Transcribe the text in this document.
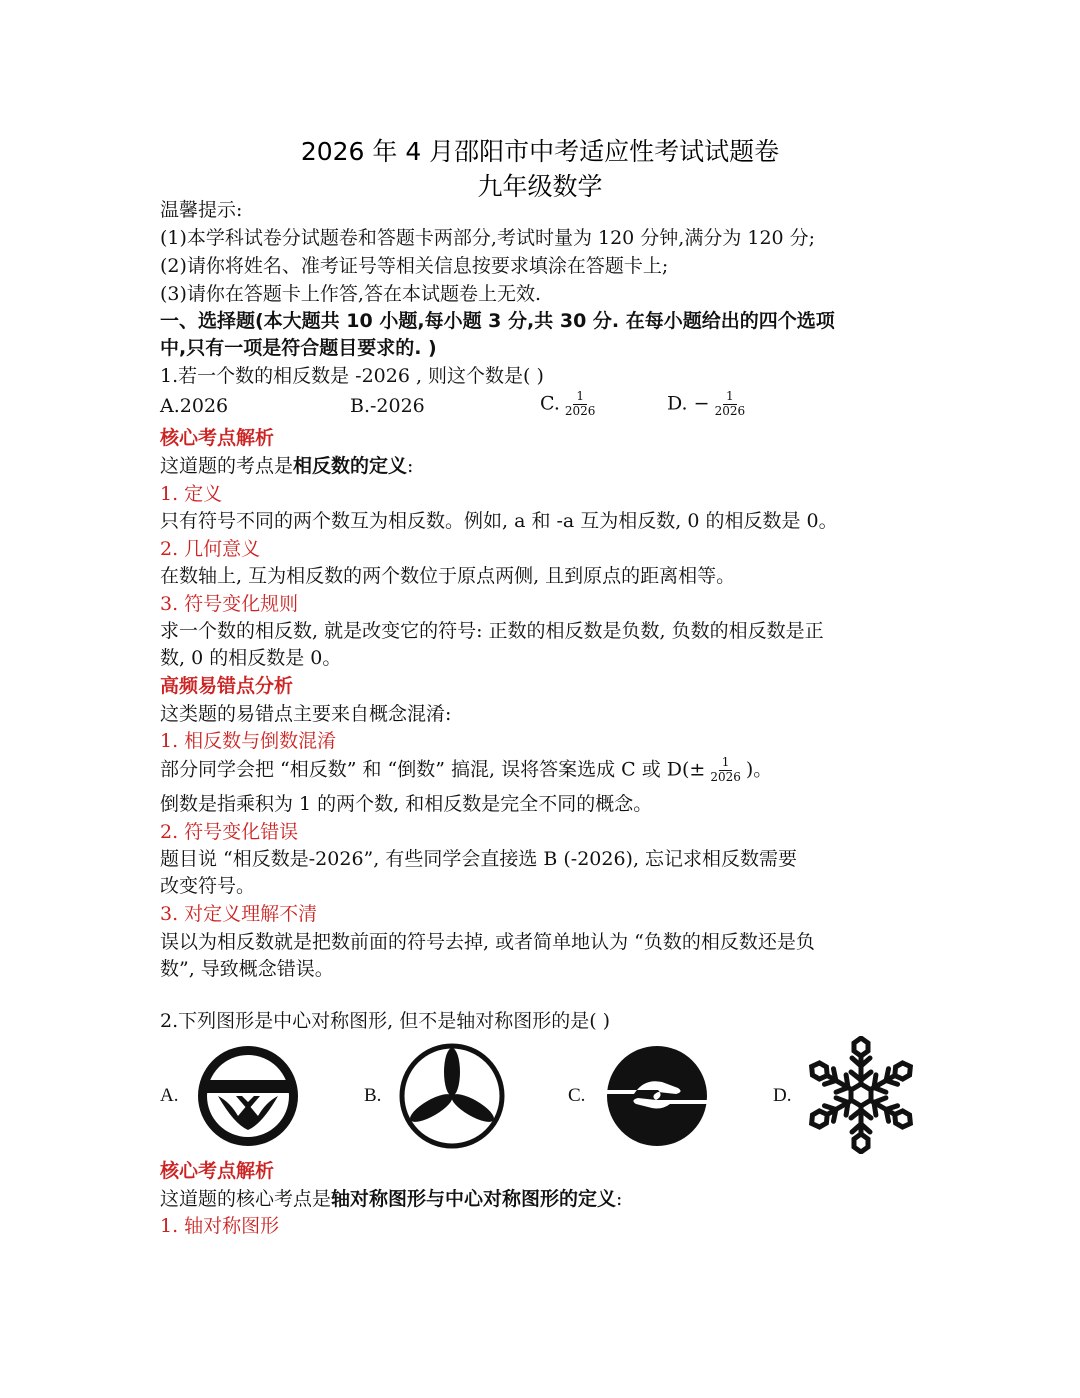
2026 年 4 月邵阳市中考适应性考试试题卷
九年级数学
温馨提示:
(1)本学科试卷分试题卷和答题卡两部分,考试时量为 120 分钟,满分为 120 分;
(2)请你将姓名、准考证号等相关信息按要求填涂在答题卡上;
(3)请你在答题卡上作答,答在本试题卷上无效.
一、选择题(本大题共 10 小题,每小题 3 分,共 30 分. 在每小题给出的四个选项
中,只有一项是符合题目要求的. )
1.若一个数的相反数是 -2026 , 则这个数是( )
A.2026	B.-2026	C. $\frac{1}{2026}$	D. − $\frac{1}{2026}$
核心考点解析
这道题的考点是相反数的定义:
1. 定义
只有符号不同的两个数互为相反数。例如, a 和 -a 互为相反数, 0 的相反数是 0。
2. 几何意义
在数轴上, 互为相反数的两个数位于原点两侧, 且到原点的距离相等。
3. 符号变化规则
求一个数的相反数, 就是改变它的符号: 正数的相反数是负数, 负数的相反数是正
数, 0 的相反数是 0。
高频易错点分析
这类题的易错点主要来自概念混淆:
1. 相反数与倒数混淆
部分同学会把 “相反数” 和 “倒数” 搞混, 误将答案选成 C 或 $D(\pm \frac{1}{2026}$ )。
倒数是指乘积为 1 的两个数, 和相反数是完全不同的概念。
2. 符号变化错误
题目说 “相反数是-2026”, 有些同学会直接选 B (-2026), 忘记求相反数需要
改变符号。
3. 对定义理解不清
误以为相反数就是把数前面的符号去掉, 或者简单地认为 “负数的相反数还是负
数”, 导致概念错误。
2.下列图形是中心对称图形, 但不是轴对称图形的是( )
A.	B.	C.	D.
核心考点解析
这道题的核心考点是轴对称图形与中心对称图形的定义:
1. 轴对称图形
